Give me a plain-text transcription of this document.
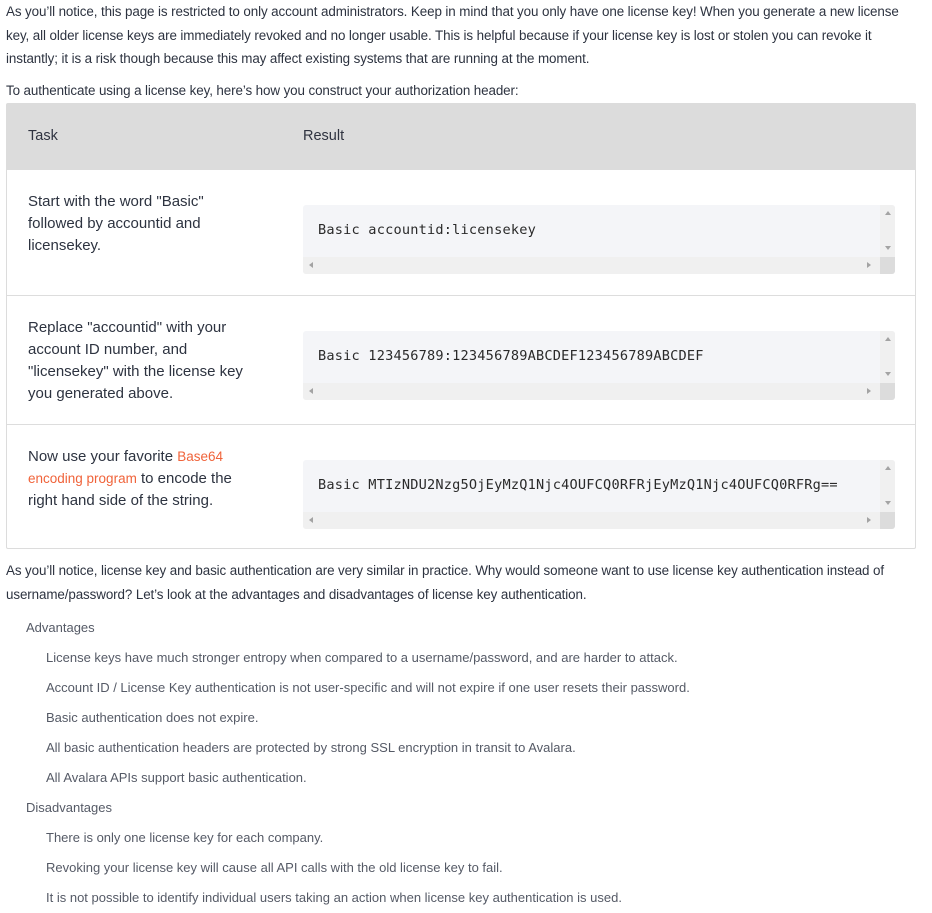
As you’ll notice, this page is restricted to only account administrators. Keep in mind that you only have one license key! When you generate a new license key, all older license keys are immediately revoked and no longer usable. This is helpful because if your license key is lost or stolen you can revoke it instantly; it is a risk though because this may affect existing systems that are running at the moment.

To authenticate using a license key, here’s how you construct your authorization header:

Task	Result
Start with the word "Basic" followed by accountid and licensekey.
Basic accountid:licensekey
Replace "accountid" with your account ID number, and "licensekey" with the license key you generated above.
Basic 123456789:123456789ABCDEF123456789ABCDEF
Now use your favorite Base64 encoding program to encode the right hand side of the string.
Basic MTIzNDU2Nzg5OjEyMzQ1Njc4OUFCQ0RFRjEyMzQ1Njc4OUFCQ0RFRg==

As you’ll notice, license key and basic authentication are very similar in practice. Why would someone want to use license key authentication instead of username/password? Let’s look at the advantages and disadvantages of license key authentication.

Advantages
License keys have much stronger entropy when compared to a username/password, and are harder to attack.
Account ID / License Key authentication is not user-specific and will not expire if one user resets their password.
Basic authentication does not expire.
All basic authentication headers are protected by strong SSL encryption in transit to Avalara.
All Avalara APIs support basic authentication.
Disadvantages
There is only one license key for each company.
Revoking your license key will cause all API calls with the old license key to fail.
It is not possible to identify individual users taking an action when license key authentication is used.
